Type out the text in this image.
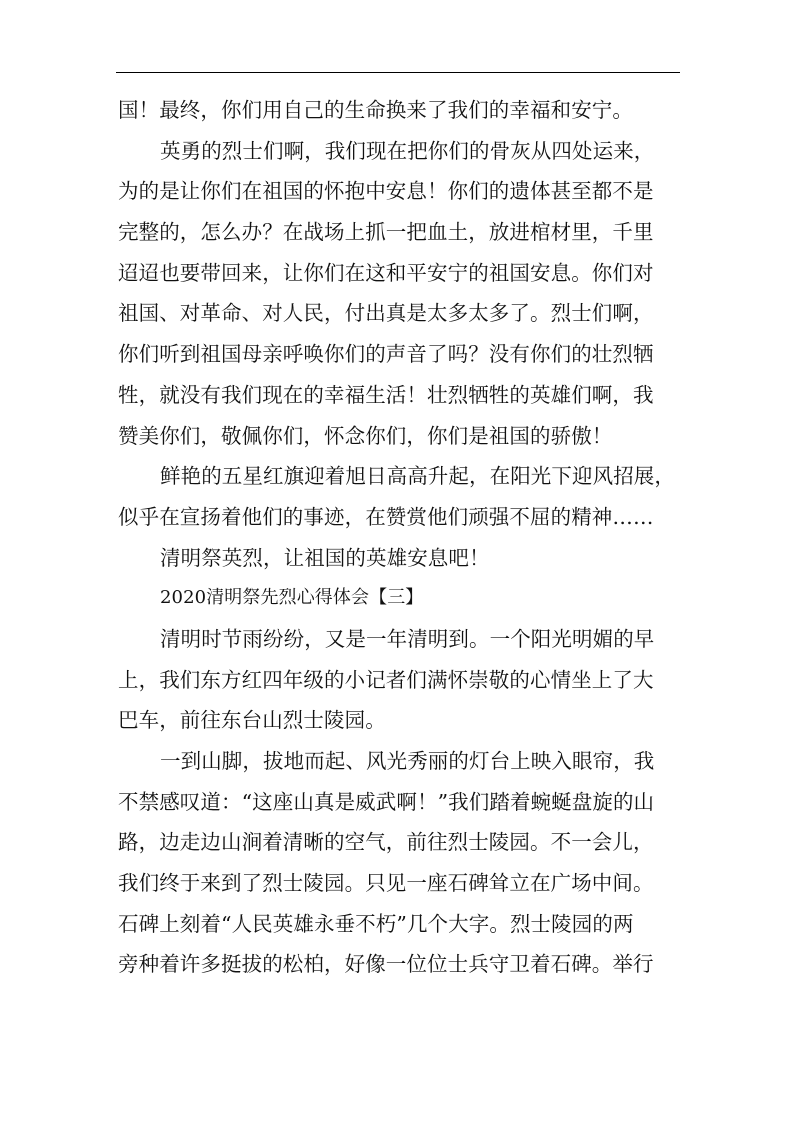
国！最终，你们用自己的生命换来了我们的幸福和安宁。
英勇的烈士们啊，我们现在把你们的骨灰从四处运来，
为的是让你们在祖国的怀抱中安息！你们的遗体甚至都不是
完整的，怎么办？在战场上抓一把血土，放进棺材里，千里
迢迢也要带回来，让你们在这和平安宁的祖国安息。你们对
祖国、对革命、对人民，付出真是太多太多了。烈士们啊，
你们听到祖国母亲呼唤你们的声音了吗？没有你们的壮烈牺
牲，就没有我们现在的幸福生活！壮烈牺牲的英雄们啊，我
赞美你们，敬佩你们，怀念你们，你们是祖国的骄傲！
鲜艳的五星红旗迎着旭日高高升起，在阳光下迎风招展，
似乎在宣扬着他们的事迹，在赞赏他们顽强不屈的精神……
清明祭英烈，让祖国的英雄安息吧！
2020清明祭先烈心得体会【三】
清明时节雨纷纷，又是一年清明到。一个阳光明媚的早
上，我们东方红四年级的小记者们满怀崇敬的心情坐上了大
巴车，前往东台山烈士陵园。
一到山脚，拔地而起、风光秀丽的灯台上映入眼帘，我
不禁感叹道：“这座山真是威武啊！”我们踏着蜿蜒盘旋的山
路，边走边山涧着清晰的空气，前往烈士陵园。不一会儿，
我们终于来到了烈士陵园。只见一座石碑耸立在广场中间。
石碑上刻着“人民英雄永垂不朽”几个大字。烈士陵园的两
旁种着许多挺拔的松柏，好像一位位士兵守卫着石碑。举行
